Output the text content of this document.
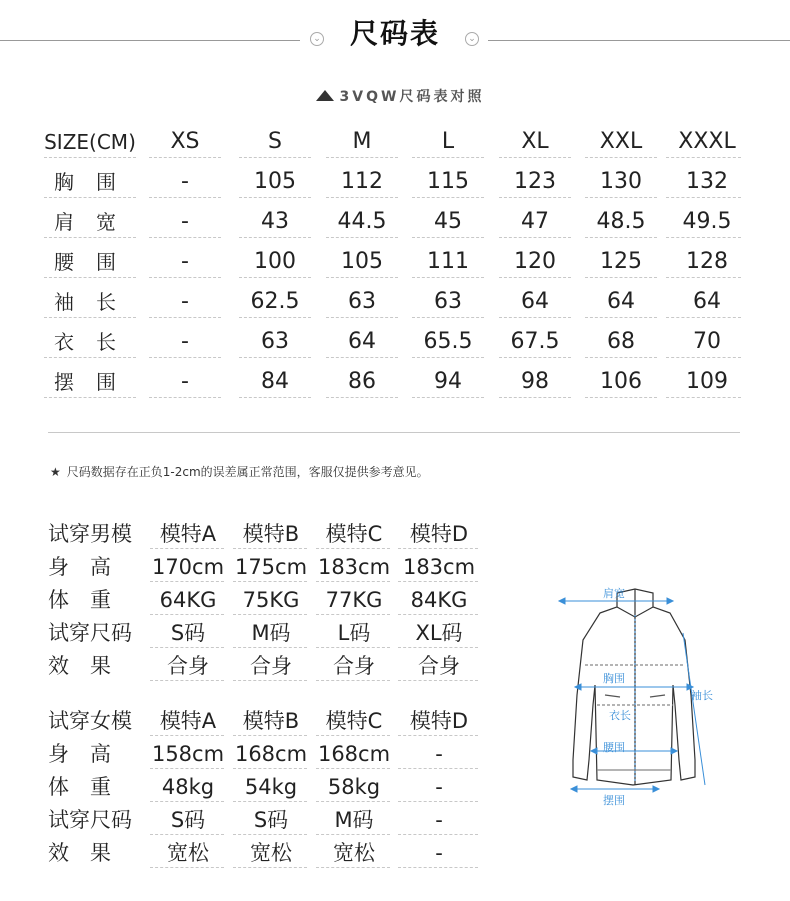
⌄	尺码表	⌄
3VQW尺码表对照
SIZE(CM)	XS	S	M	L	XL	XXL	XXXL
胸围	-	105	112	115	123	130	132
肩宽	-	43	44.5	45	47	48.5	49.5
腰围	-	100	105	111	120	125	128
袖长	-	62.5	63	63	64	64	64
衣长	-	63	64	65.5	67.5	68	70
摆围	-	84	86	94	98	106	109
★ 尺码数据存在正负1-2cm的误差属正常范围，客服仅提供参考意见。
试穿男模	模特A	模特B	模特C	模特D
身　高	170cm 175cm 183cm 183cm
体　重	64KG	75KG	77KG	84KG
试穿尺码	S码	M码	L码	XL码
效　果	合身	合身	合身	合身
试穿女模	模特A	模特B	模特C	模特D
身　高	158cm 168cm 168cm	-
体　重	48kg	54kg	58kg	-
试穿尺码	S码	S码	M码	-
效　果	宽松	宽松	宽松	-
肩宽
胸围
衣长
腰围
摆围
袖长
